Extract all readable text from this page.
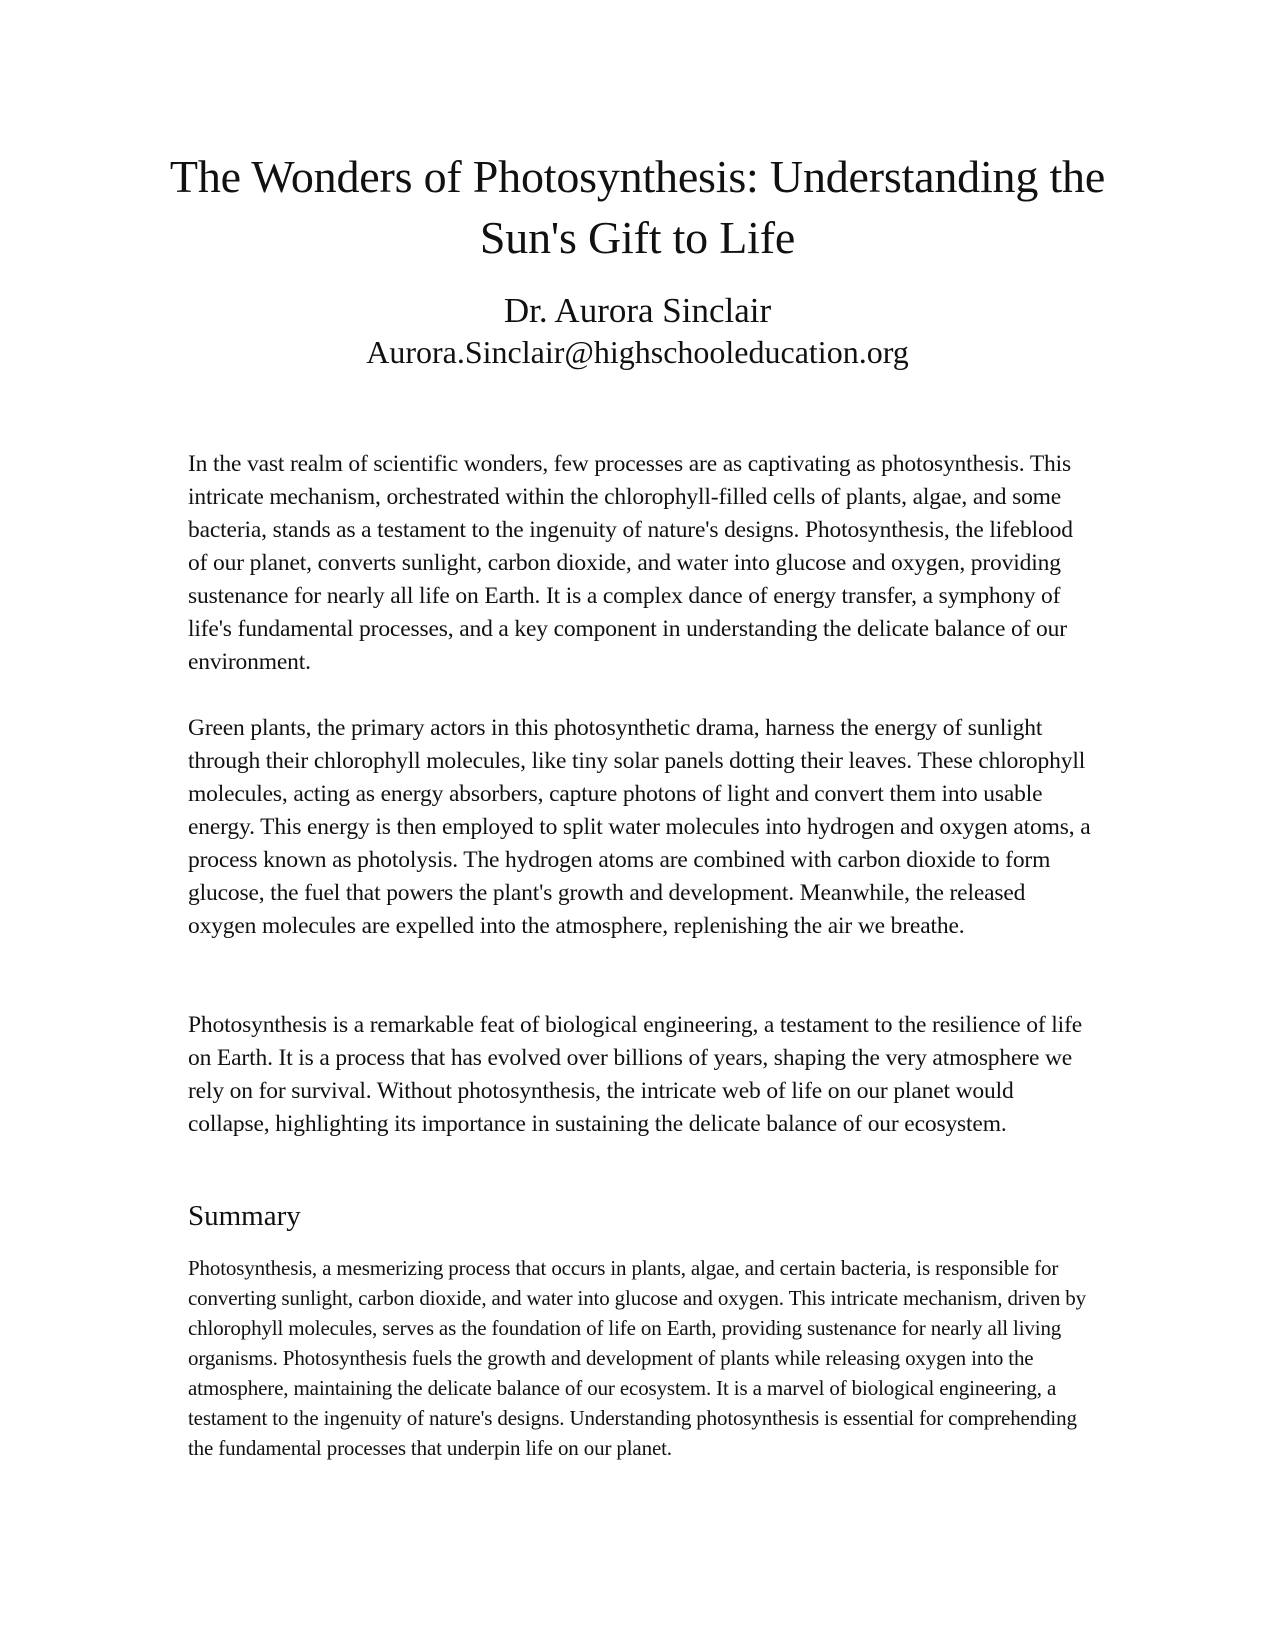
The Wonders of Photosynthesis: Understanding the Sun's Gift to Life
Dr. Aurora Sinclair
Aurora.Sinclair@highschooleducation.org

In the vast realm of scientific wonders, few processes are as captivating as photosynthesis. This intricate mechanism, orchestrated within the chlorophyll-filled cells of plants, algae, and some bacteria, stands as a testament to the ingenuity of nature's designs. Photosynthesis, the lifeblood of our planet, converts sunlight, carbon dioxide, and water into glucose and oxygen, providing sustenance for nearly all life on Earth. It is a complex dance of energy transfer, a symphony of life's fundamental processes, and a key component in understanding the delicate balance of our environment.

Green plants, the primary actors in this photosynthetic drama, harness the energy of sunlight through their chlorophyll molecules, like tiny solar panels dotting their leaves. These chlorophyll molecules, acting as energy absorbers, capture photons of light and convert them into usable energy. This energy is then employed to split water molecules into hydrogen and oxygen atoms, a process known as photolysis. The hydrogen atoms are combined with carbon dioxide to form glucose, the fuel that powers the plant's growth and development. Meanwhile, the released oxygen molecules are expelled into the atmosphere, replenishing the air we breathe.

Photosynthesis is a remarkable feat of biological engineering, a testament to the resilience of life on Earth. It is a process that has evolved over billions of years, shaping the very atmosphere we rely on for survival. Without photosynthesis, the intricate web of life on our planet would collapse, highlighting its importance in sustaining the delicate balance of our ecosystem.

Summary

Photosynthesis, a mesmerizing process that occurs in plants, algae, and certain bacteria, is responsible for converting sunlight, carbon dioxide, and water into glucose and oxygen. This intricate mechanism, driven by chlorophyll molecules, serves as the foundation of life on Earth, providing sustenance for nearly all living organisms. Photosynthesis fuels the growth and development of plants while releasing oxygen into the atmosphere, maintaining the delicate balance of our ecosystem. It is a marvel of biological engineering, a testament to the ingenuity of nature's designs. Understanding photosynthesis is essential for comprehending the fundamental processes that underpin life on our planet.
